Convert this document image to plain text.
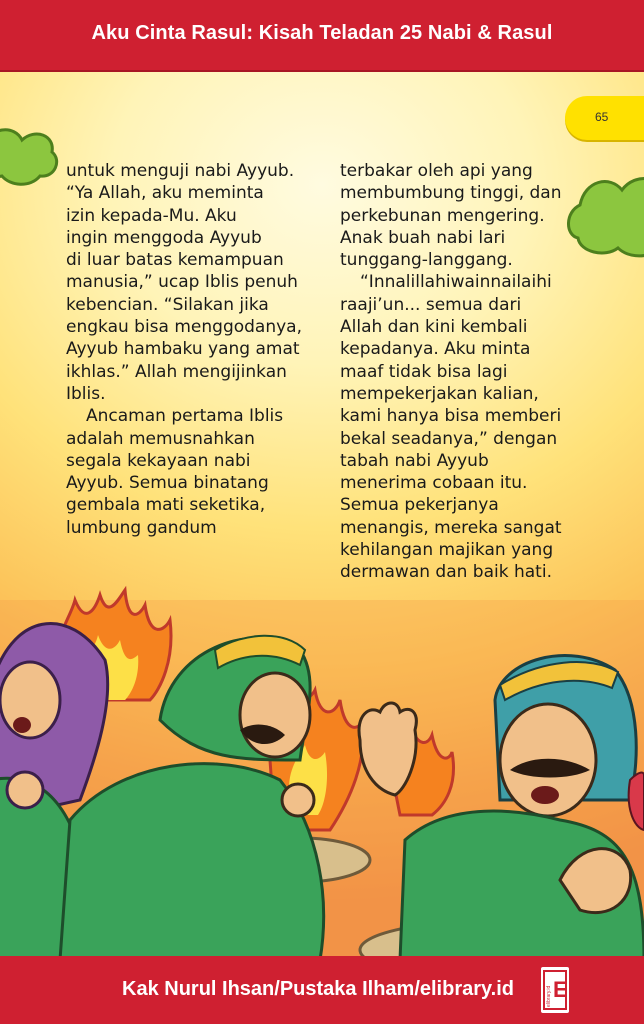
Aku Cinta Rasul: Kisah Teladan 25 Nabi & Rasul
65
untuk menguji nabi Ayyub.
“Ya Allah, aku meminta
izin kepada-Mu. Aku
ingin menggoda Ayyub
di luar batas kemampuan
manusia,” ucap Iblis penuh
kebencian. “Silakan jika
engkau bisa menggodanya,
Ayyub hambaku yang amat
ikhlas.” Allah mengijinkan
Iblis.
Ancaman pertama Iblis
adalah memusnahkan
segala kekayaan nabi
Ayyub. Semua binatang
gembala mati seketika,
lumbung gandum
terbakar oleh api yang
membumbung tinggi, dan
perkebunan mengering.
Anak buah nabi lari
tunggang-langgang.
“Innalillahiwainnailaihi
raaji’un... semua dari
Allah dan kini kembali
kepadanya. Aku minta
maaf tidak bisa lagi
mempekerjakan kalian,
kami hanya bisa memberi
bekal seadanya,” dengan
tabah nabi Ayyub
menerima cobaan itu.
Semua pekerjanya
menangis, mereka sangat
kehilangan majikan yang
dermawan dan baik hati.
Kak Nurul Ihsan/Pustaka Ilham/elibrary.id	elibrary.id E
